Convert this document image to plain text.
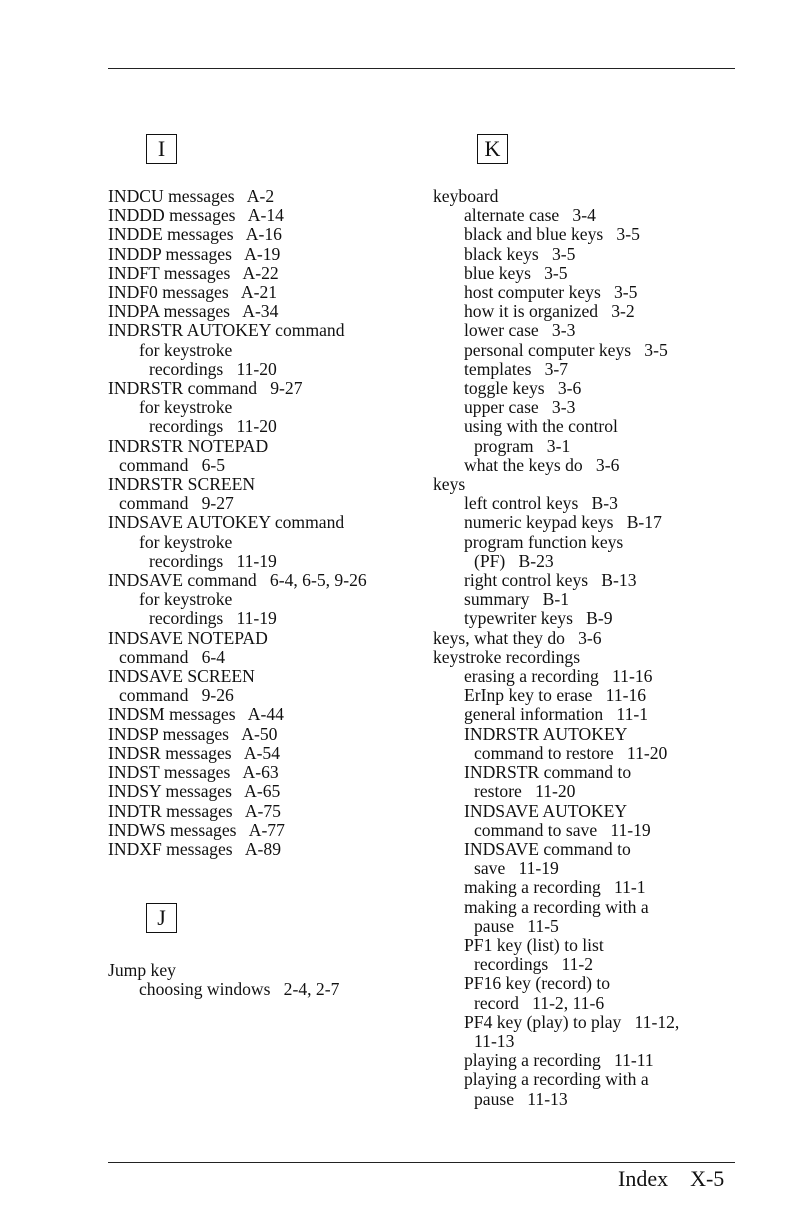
I
INDCU messages   A-2
INDDD messages   A-14
INDDE messages   A-16
INDDP messages   A-19
INDFT messages   A-22
INDF0 messages   A-21
INDPA messages   A-34
INDRSTR AUTOKEY command
for keystroke
recordings   11-20
INDRSTR command   9-27
for keystroke
recordings   11-20
INDRSTR NOTEPAD
command   6-5
INDRSTR SCREEN
command   9-27
INDSAVE AUTOKEY command
for keystroke
recordings   11-19
INDSAVE command   6-4, 6-5, 9-26
for keystroke
recordings   11-19
INDSAVE NOTEPAD
command   6-4
INDSAVE SCREEN
command   9-26
INDSM messages   A-44
INDSP messages   A-50
INDSR messages   A-54
INDST messages   A-63
INDSY messages   A-65
INDTR messages   A-75
INDWS messages   A-77
INDXF messages   A-89
J
Jump key
choosing windows   2-4, 2-7
K
keyboard
alternate case   3-4
black and blue keys   3-5
black keys   3-5
blue keys   3-5
host computer keys   3-5
how it is organized   3-2
lower case   3-3
personal computer keys   3-5
templates   3-7
toggle keys   3-6
upper case   3-3
using with the control
program   3-1
what the keys do   3-6
keys
left control keys   B-3
numeric keypad keys   B-17
program function keys
(PF)   B-23
right control keys   B-13
summary   B-1
typewriter keys   B-9
keys, what they do   3-6
keystroke recordings
erasing a recording   11-16
ErInp key to erase   11-16
general information   11-1
INDRSTR AUTOKEY
command to restore   11-20
INDRSTR command to
restore   11-20
INDSAVE AUTOKEY
command to save   11-19
INDSAVE command to
save   11-19
making a recording   11-1
making a recording with a
pause   11-5
PF1 key (list) to list
recordings   11-2
PF16 key (record) to
record   11-2, 11-6
PF4 key (play) to play   11-12,
11-13
playing a recording   11-11
playing a recording with a
pause   11-13
Index X-5
